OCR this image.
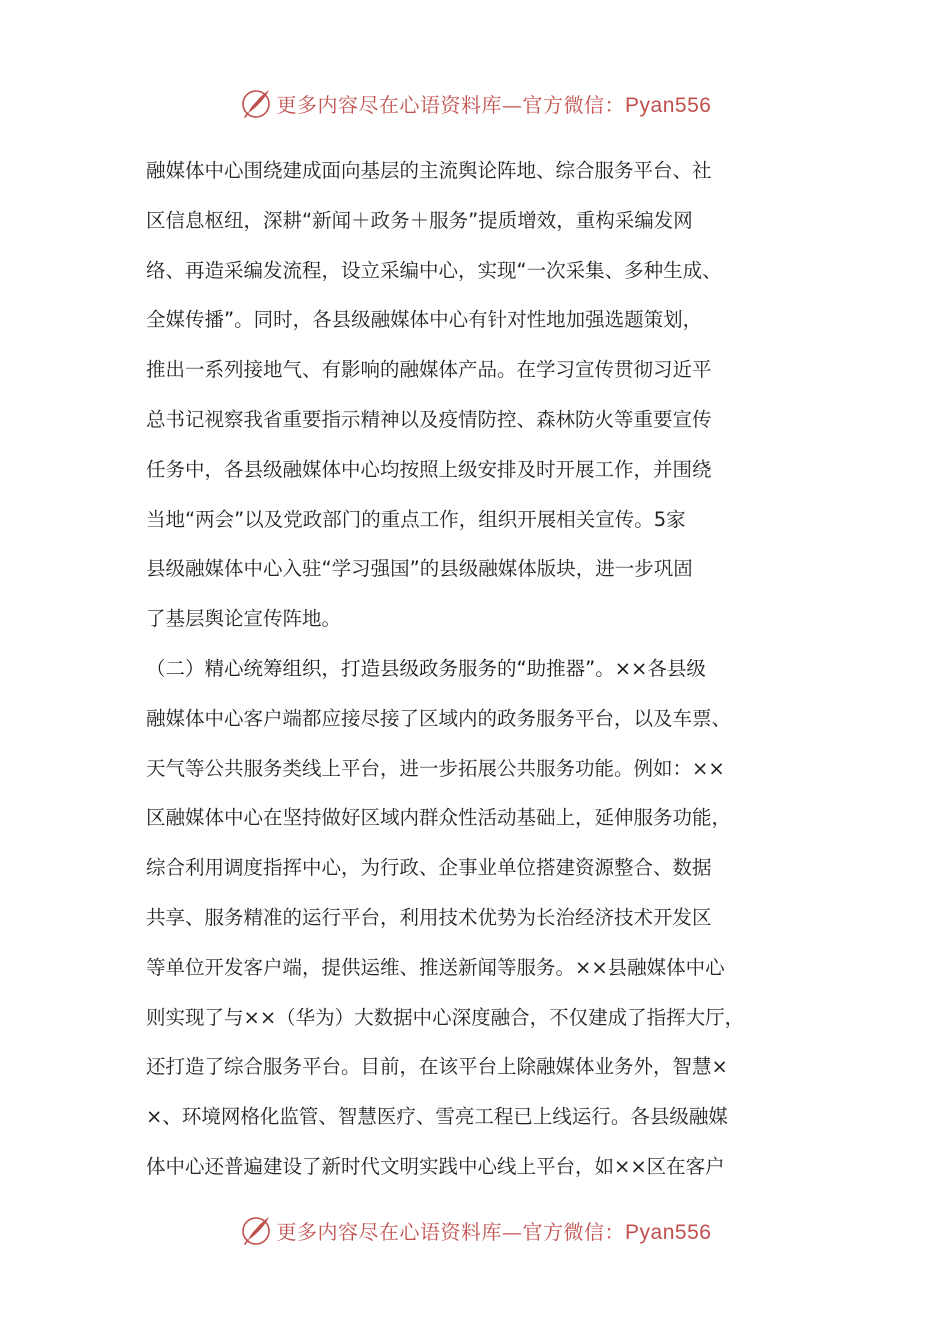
更多内容尽在心语资料库—官方微信：Pyan556
融媒体中心围绕建成面向基层的主流舆论阵地、综合服务平台、社
区信息枢纽，深耕“新闻＋政务＋服务”提质增效，重构采编发网
络、再造采编发流程，设立采编中心，实现“一次采集、多种生成、
全媒传播”。同时，各县级融媒体中心有针对性地加强选题策划，
推出一系列接地气、有影响的融媒体产品。在学习宣传贯彻习近平
总书记视察我省重要指示精神以及疫情防控、森林防火等重要宣传
任务中，各县级融媒体中心均按照上级安排及时开展工作，并围绕
当地“两会”以及党政部门的重点工作，组织开展相关宣传。5家
县级融媒体中心入驻“学习强国”的县级融媒体版块，进一步巩固
了基层舆论宣传阵地。
（二）精心统筹组织，打造县级政务服务的“助推器”。××各县级
融媒体中心客户端都应接尽接了区域内的政务服务平台，以及车票、
天气等公共服务类线上平台，进一步拓展公共服务功能。例如：××
区融媒体中心在坚持做好区域内群众性活动基础上，延伸服务功能，
综合利用调度指挥中心，为行政、企事业单位搭建资源整合、数据
共享、服务精准的运行平台，利用技术优势为长治经济技术开发区
等单位开发客户端，提供运维、推送新闻等服务。××县融媒体中心
则实现了与××（华为）大数据中心深度融合，不仅建成了指挥大厅，
还打造了综合服务平台。目前，在该平台上除融媒体业务外，智慧×
×、环境网格化监管、智慧医疗、雪亮工程已上线运行。各县级融媒
体中心还普遍建设了新时代文明实践中心线上平台，如××区在客户
更多内容尽在心语资料库—官方微信：Pyan556
